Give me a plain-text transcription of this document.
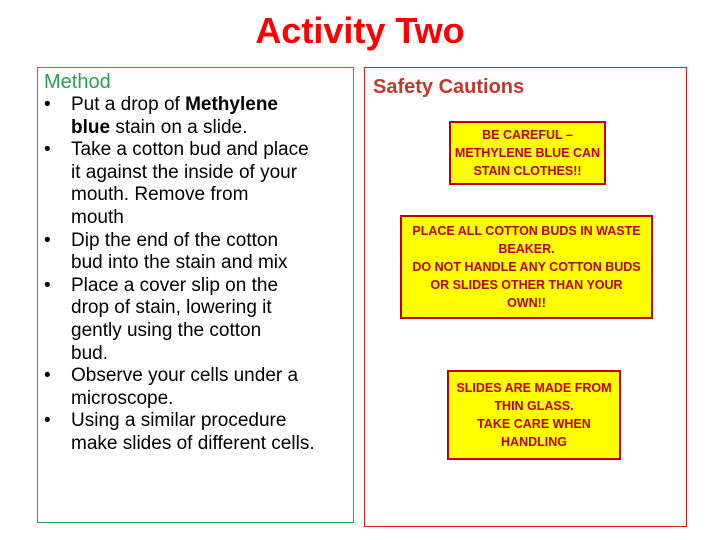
Activity Two
Method
• Put a drop of Methylene
blue stain on a slide.
• Take a cotton bud and place
it against the inside of your
mouth. Remove from
mouth
• Dip the end of the cotton
bud into the stain and mix
• Place a cover slip on the
drop of stain, lowering it
gently using the cotton
bud.
• Observe your cells under a
microscope.
• Using a similar procedure
make slides of different cells.
Safety Cautions
BE CAREFUL –
METHYLENE BLUE CAN
STAIN CLOTHES!!
PLACE ALL COTTON BUDS IN WASTE
BEAKER.
DO NOT HANDLE ANY COTTON BUDS
OR SLIDES OTHER THAN YOUR
OWN!!
SLIDES ARE MADE FROM
THIN GLASS.
TAKE CARE WHEN
HANDLING
